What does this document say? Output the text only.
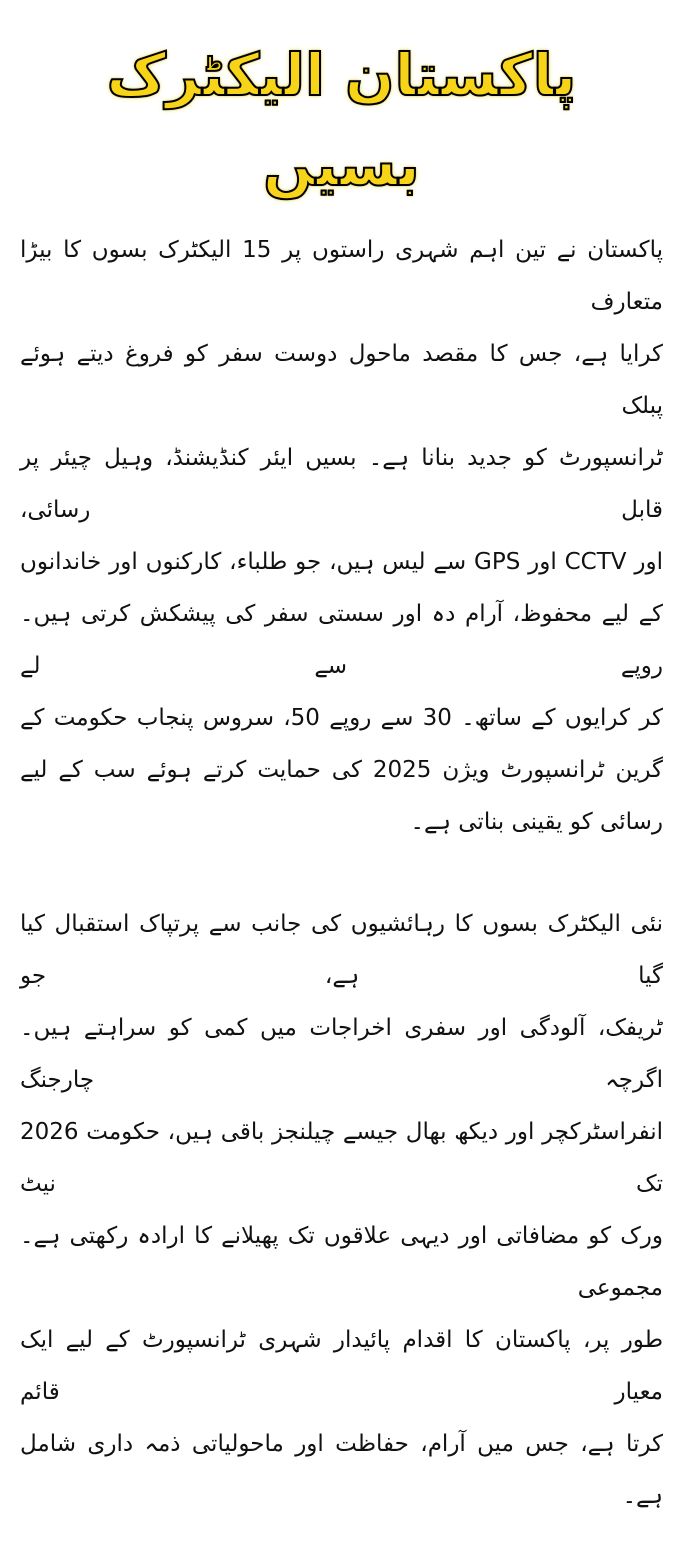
پاکستان الیکٹرک بسیں
پاکستان نے تین اہم شہری راستوں پر 15 الیکٹرک بسوں کا بیڑا متعارف
کرایا ہے، جس کا مقصد ماحول دوست سفر کو فروغ دیتے ہوئے پبلک
ٹرانسپورٹ کو جدید بنانا ہے۔ بسیں ایئر کنڈیشنڈ، وہیل چیئر پر قابل رسائی،
اور CCTV اور GPS سے لیس ہیں، جو طلباء، کارکنوں اور خاندانوں
کے لیے محفوظ، آرام دہ اور سستی سفر کی پیشکش کرتی ہیں۔ روپے سے لے
کر کرایوں کے ساتھ۔ 30 سے روپے 50، سروس پنجاب حکومت کے
گرین ٹرانسپورٹ ویژن 2025 کی حمایت کرتے ہوئے سب کے لیے
رسائی کو یقینی بناتی ہے۔
نئی الیکٹرک بسوں کا رہائشیوں کی جانب سے پرتپاک استقبال کیا گیا ہے، جو
ٹریفک، آلودگی اور سفری اخراجات میں کمی کو سراہتے ہیں۔ اگرچہ چارجنگ
انفراسٹرکچر اور دیکھ بھال جیسے چیلنجز باقی ہیں، حکومت 2026 تک نیٹ
ورک کو مضافاتی اور دیہی علاقوں تک پھیلانے کا ارادہ رکھتی ہے۔ مجموعی
طور پر، پاکستان کا اقدام پائیدار شہری ٹرانسپورٹ کے لیے ایک معیار قائم
کرتا ہے، جس میں آرام، حفاظت اور ماحولیاتی ذمہ داری شامل ہے۔
